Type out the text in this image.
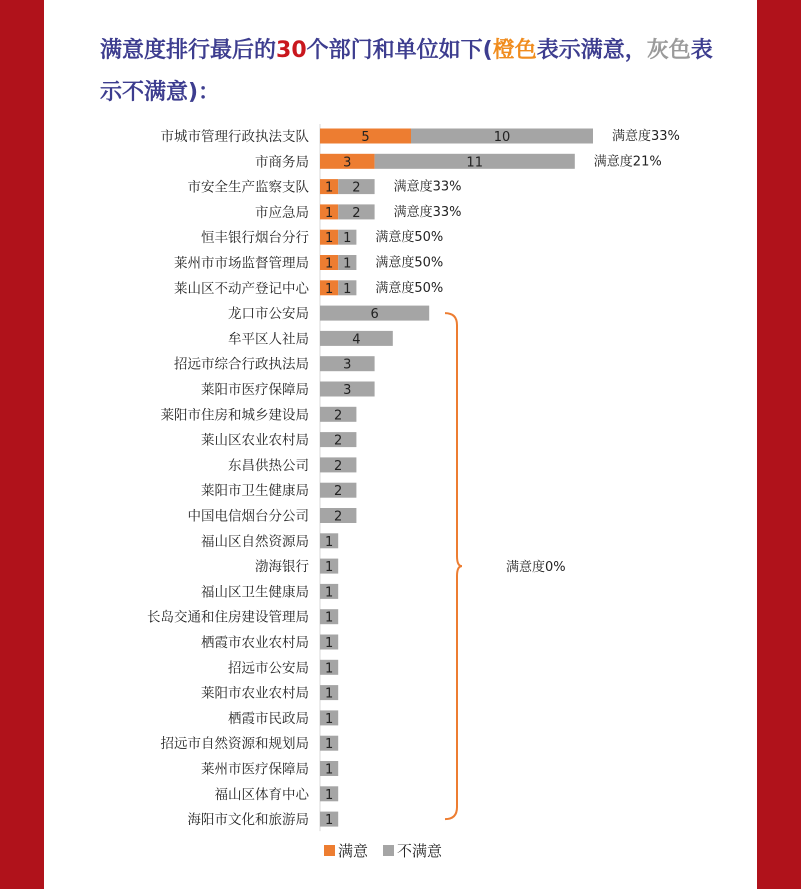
满意度排行最后的30个部门和单位如下(橙色表示满意，灰色表示不满意)：
市城市管理行政执法支队	5	10	满意度33%
市商务局	3	11	满意度21%
市安全生产监察支队 1 2	满意度33%
市应急局 1 2	满意度33%
恒丰银行烟台分行 1 1 满意度50%
莱州市市场监督管理局 1 1 满意度50%
莱山区不动产登记中心 1 1 满意度50%
龙口市公安局	6
牟平区人社局	4
招远市综合行政执法局	3
莱阳市医疗保障局	3
莱阳市住房和城乡建设局 2
莱山区农业农村局 2
东昌供热公司 2
莱阳市卫生健康局 2
中国电信烟台分公司 2
福山区自然资源局 1
渤海银行 1
福山区卫生健康局 1
长岛交通和住房建设管理局 1
栖霞市农业农村局 1
招远市公安局 1
莱阳市农业农村局 1
栖霞市民政局 1
招远市自然资源和规划局 1
莱州市医疗保障局 1
福山区体育中心 1
海阳市文化和旅游局 1
满意度0%
满意 不满意
